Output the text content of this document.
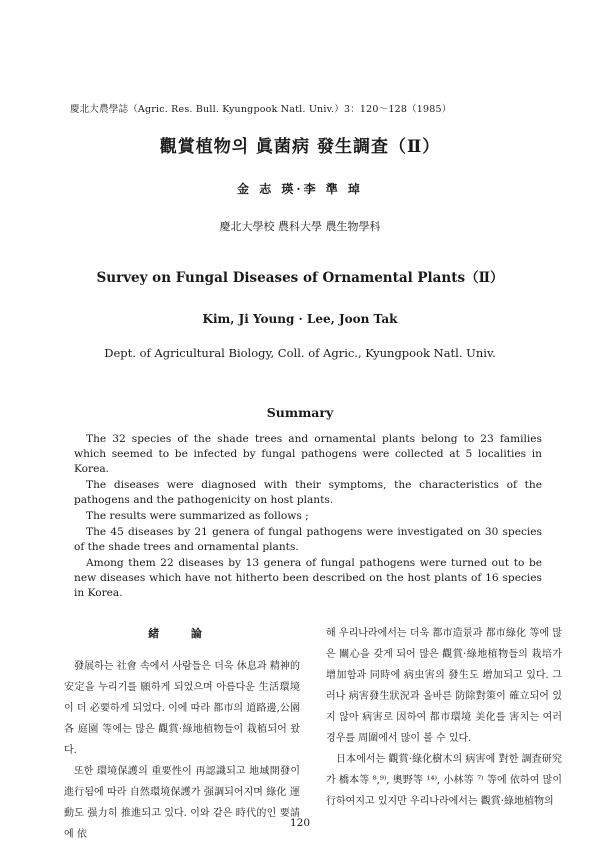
慶北大農學誌（Agric. Res. Bull. Kyungpook Natl. Univ.）3：120～128（1985）
觀賞植物의 眞菌病 發生調査（Ⅱ）
金 志 瑛·李 準 琸
慶北大學校 農科大學 農生物學科
Survey on Fungal Diseases of Ornamental Plants（Ⅱ）
Kim, Ji Young · Lee, Joon Tak
Dept. of Agricultural Biology, Coll. of Agric., Kyungpook Natl. Univ.
Summary

The 32 species of the shade trees and ornamental plants belong to 23 families which seemed to be infected by fungal pathogens were collected at 5 localities in Korea.

The diseases were diagnosed with their symptoms, the characteristics of the pathogens and the pathogenicity on host plants.

The results were summarized as follows ;

The 45 diseases by 21 genera of fungal pathogens were investigated on 30 species of the shade trees and ornamental plants.

Among them 22 diseases by 13 genera of fungal pathogens were turned out to be new diseases which have not hitherto been described on the host plants of 16 species in Korea.

緒 論

發展하는 社會 속에서 사람들은 더욱 休息과 精神的 安定을 누리기를 願하게 되었으며 아름다운 生活環境이 더 必要하게 되었다. 이에 따라 都市의 道路邊,公園 各 庭園 等에는 많은 觀賞·綠地植物들이 栽植되어 왔다.

또한 環境保護의 重要性이 再認識되고 地域開發이 進行됨에 따라 自然環境保護가 强調되어지며 綠化 運動도 强力히 推進되고 있다. 이와 같은 時代的인 要請에 依

해 우리나라에서는 더욱 都市造景과 都市綠化 等에 많은 關心을 갖게 되어 많은 觀賞·綠地植物들의 栽培가 增加함과 同時에 病虫害의 發生도 增加되고 있다. 그러나 病害發生狀況과 올바른 防除對策이 確立되어 있지 않아 病害로 因하여 都市環境 美化를 害치는 여러경우를 周圍에서 많이 볼 수 있다.

日本에서는 觀賞·綠化樹木의 病害에 對한 調査研究가 橋本等 ⁸,⁹⁾, 奧野等 ¹⁴⁾, 小林等 ⁷⁾ 等에 依하여 많이 行하여지고 있지만 우리나라에서는 觀賞·綠地植物의

120
